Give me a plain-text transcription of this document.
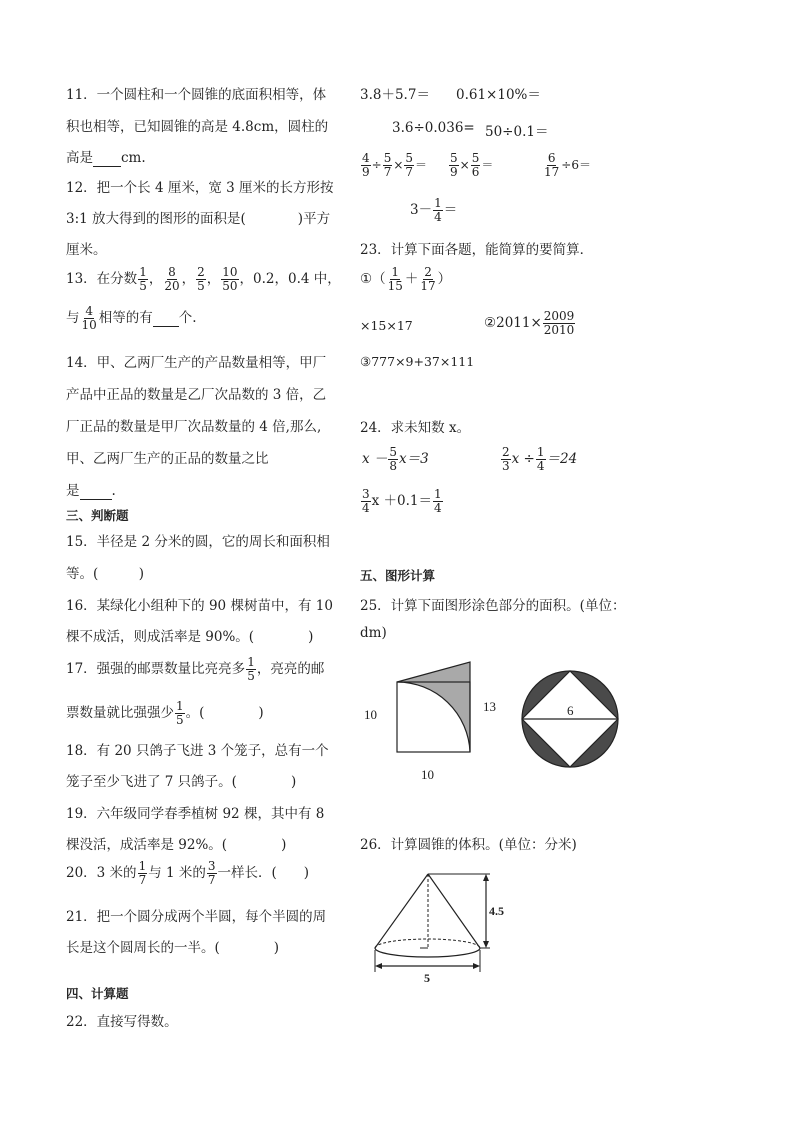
11．一个圆柱和一个圆锥的底面积相等，体
积也相等，已知圆锥的高是 4.8cm，圆柱的
高是 cm.
12．把一个长 4 厘米，宽 3 厘米的长方形按
3:1 放大得到的图形的面积是(	)平方
厘米。
13．在分数 $\frac{1}{5}$ ， $\frac{8}{20}$ ， $\frac{2}{5}$ ， $\frac{10}{50}$ ，0.2，0.4 中，
与 $\frac{4}{10}$ 相等的有 个.
14．甲、乙两厂生产的产品数量相等，甲厂
产品中正品的数量是乙厂次品数的 3 倍，乙
厂正品的数量是甲厂次品数量的 4 倍,那么,
甲、乙两厂生产的正品的数量之比
是 .
三、判断题
15．半径是 2 分米的圆，它的周长和面积相
等。(　　　)
16．某绿化小组种下的 90 棵树苗中，有 10
棵不成活，则成活率是 90%。(　　　　)
17．强强的邮票数量比亮亮多 $\frac{1}{5}$ ，亮亮的邮
票数量就比强强少 $\frac{1}{5}$ 。(　　　　)
18．有 20 只鸽子飞进 3 个笼子，总有一个
笼子至少飞进了 7 只鸽子。(　　　　)
19．六年级同学春季植树 92 棵，其中有 8
棵没活，成活率是 92%。(　　　　)
20．3 米的 $\frac{1}{7}$ 与 1 米的 $\frac{3}{7}$ 一样长．(　　)
21．把一个圆分成两个半圆，每个半圆的周
长是这个圆周长的一半。(　　　　)
四、计算题
22．直接写得数。
3.8＋5.7＝ 0.61×10%＝
3.6÷0.036= 50÷0.1＝
$\frac{4}{9} \div \frac{5}{7} \times \frac{5}{7} = \frac{5}{9} \times \frac{5}{6}$ ＝	$\frac{6}{17} \div 6=$
$3- \frac{1}{4}$ ＝
23．计算下面各题，能简算的要简算．
①（ $\frac{1}{15} + \frac{2}{17}$ ）
×15×17	②2011× $\frac{2009}{2010}$
③777×9+37×111
24．求未知数 x。
$x - \frac{5}{8} x=3$	$\frac{2}{3}$ $x \div \frac{1}{4} =24$
$\frac{3}{4}$ $x +0.1= \frac{1}{4}$
五、图形计算
25．计算下面图形涂色部分的面积。(单位：
dm)
10
13
10
6
26．计算圆锥的体积。(单位：分米)
4.5
5
